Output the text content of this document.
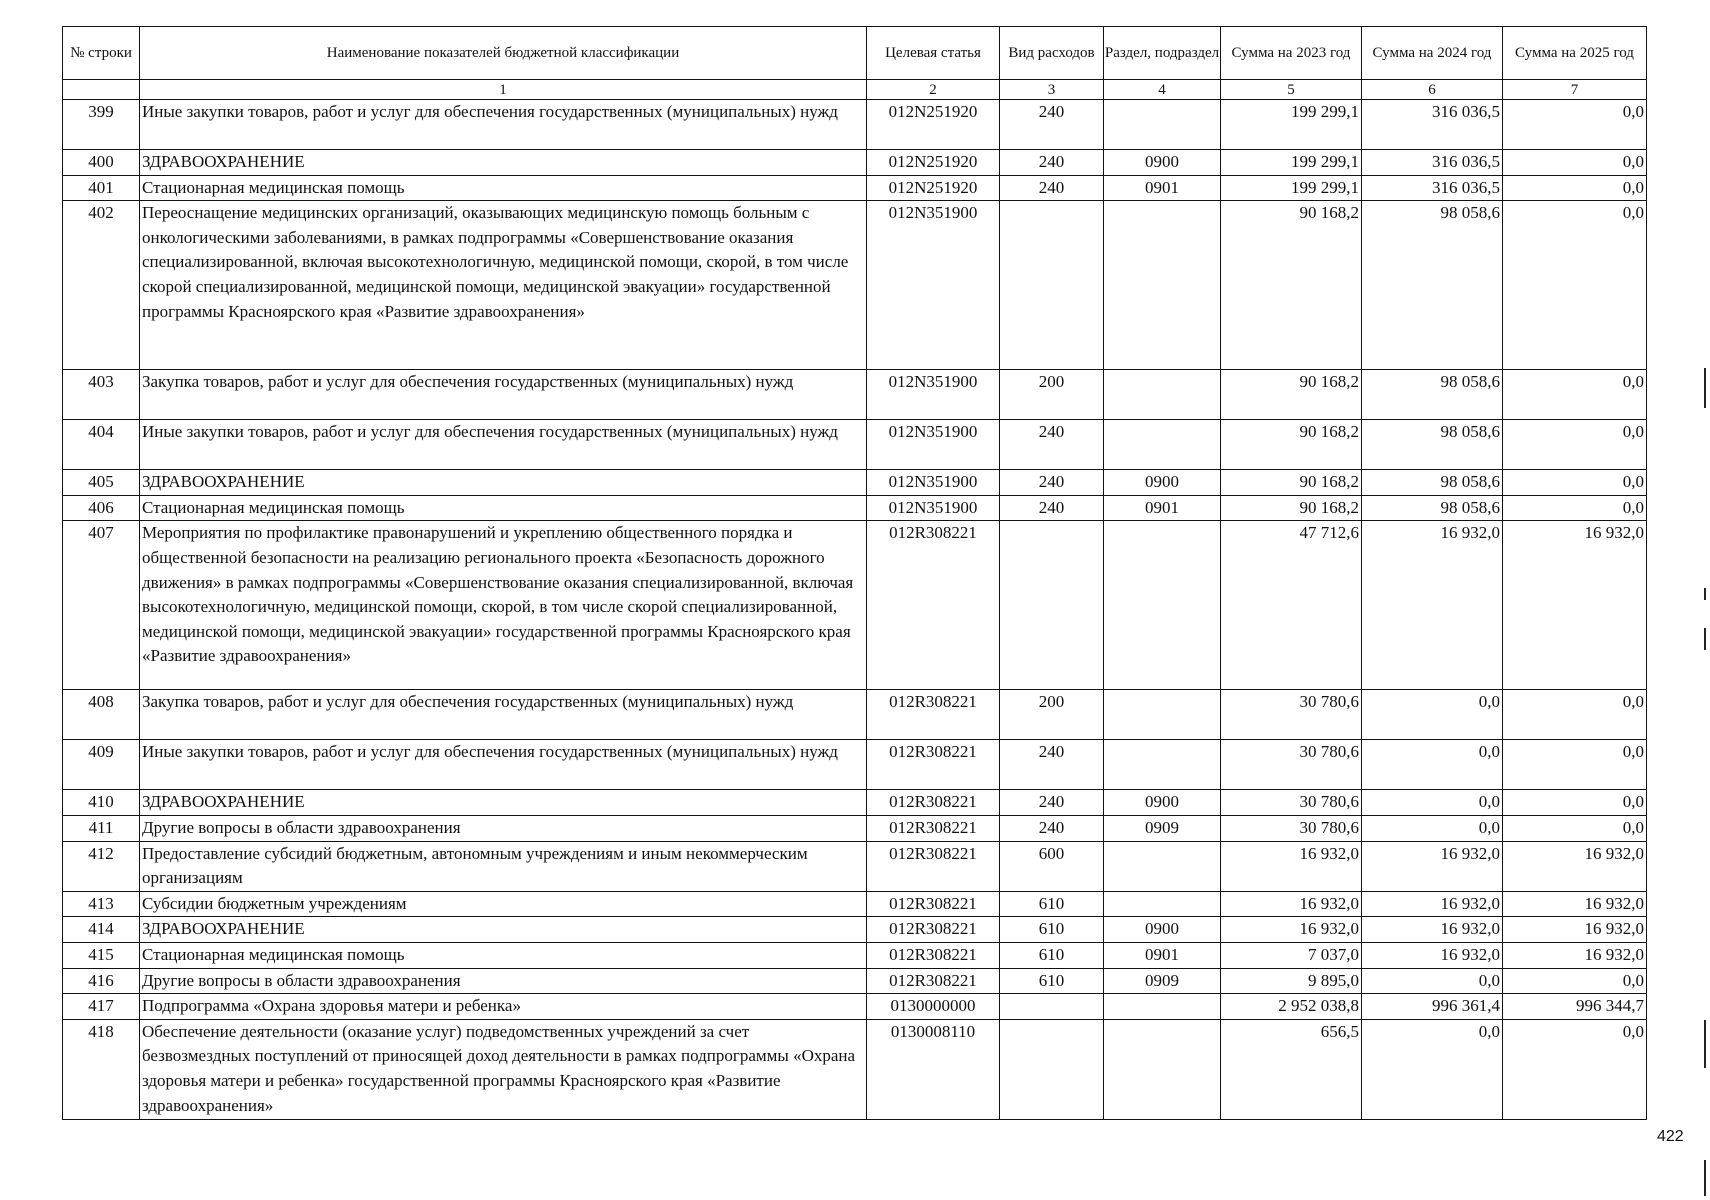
№ строки	Наименование показателей бюджетной классификации	Целевая статья	Вид расходов	Раздел, подраздел	Сумма на 2023 год	Сумма на 2024 год	Сумма на 2025 год
	1	2	3	4	5	6	7
399	Иные закупки товаров, работ и услуг для обеспечения государственных (муниципальных) нужд	012N251920	240		199 299,1	316 036,5	0,0
400	ЗДРАВООХРАНЕНИЕ	012N251920	240	0900	199 299,1	316 036,5	0,0
401	Стационарная медицинская помощь	012N251920	240	0901	199 299,1	316 036,5	0,0
402	Переоснащение медицинских организаций, оказывающих медицинскую помощь больным с онкологическими заболеваниями, в рамках подпрограммы «Совершенствование оказания специализированной, включая высокотехнологичную, медицинской помощи, скорой, в том числе скорой специализированной, медицинской помощи, медицинской эвакуации» государственной программы Красноярского края «Развитие здравоохранения»	012N351900			90 168,2	98 058,6	0,0
403	Закупка товаров, работ и услуг для обеспечения государственных (муниципальных) нужд	012N351900	200		90 168,2	98 058,6	0,0
404	Иные закупки товаров, работ и услуг для обеспечения государственных (муниципальных) нужд	012N351900	240		90 168,2	98 058,6	0,0
405	ЗДРАВООХРАНЕНИЕ	012N351900	240	0900	90 168,2	98 058,6	0,0
406	Стационарная медицинская помощь	012N351900	240	0901	90 168,2	98 058,6	0,0
407	Мероприятия по профилактике правонарушений и укреплению общественного порядка и общественной безопасности на реализацию регионального проекта «Безопасность дорожного движения» в рамках подпрограммы «Совершенствование оказания специализированной, включая высокотехнологичную, медицинской помощи, скорой, в том числе скорой специализированной, медицинской помощи, медицинской эвакуации» государственной программы Красноярского края «Развитие здравоохранения»	012R308221			47 712,6	16 932,0	16 932,0
408	Закупка товаров, работ и услуг для обеспечения государственных (муниципальных) нужд	012R308221	200		30 780,6	0,0	0,0
409	Иные закупки товаров, работ и услуг для обеспечения государственных (муниципальных) нужд	012R308221	240		30 780,6	0,0	0,0
410	ЗДРАВООХРАНЕНИЕ	012R308221	240	0900	30 780,6	0,0	0,0
411	Другие вопросы в области здравоохранения	012R308221	240	0909	30 780,6	0,0	0,0
412	Предоставление субсидий бюджетным, автономным учреждениям и иным некоммерческим организациям	012R308221	600		16 932,0	16 932,0	16 932,0
413	Субсидии бюджетным учреждениям	012R308221	610		16 932,0	16 932,0	16 932,0
414	ЗДРАВООХРАНЕНИЕ	012R308221	610	0900	16 932,0	16 932,0	16 932,0
415	Стационарная медицинская помощь	012R308221	610	0901	7 037,0	16 932,0	16 932,0
416	Другие вопросы в области здравоохранения	012R308221	610	0909	9 895,0	0,0	0,0
417	Подпрограмма «Охрана здоровья матери и ребенка»	0130000000			2 952 038,8	996 361,4	996 344,7
418	Обеспечение деятельности (оказание услуг) подведомственных учреждений за счет безвозмездных поступлений от приносящей доход деятельности в рамках подпрограммы «Охрана здоровья матери и ребенка» государственной программы Красноярского края «Развитие здравоохранения»	0130008110			656,5	0,0	0,0
422
